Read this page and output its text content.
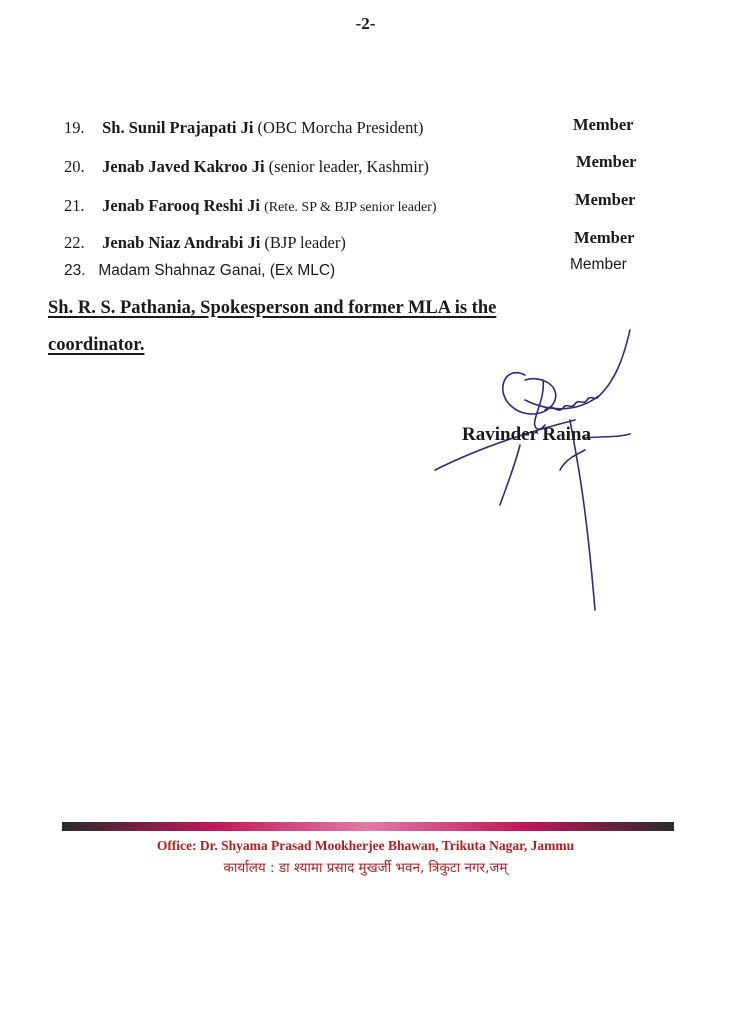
-2-
19. Sh. Sunil Prajapati Ji (OBC Morcha President)	Member
20. Jenab Javed Kakroo Ji (senior leader, Kashmir)	Member
21. Jenab Farooq Reshi Ji (Rete. SP & BJP senior leader)	Member
22. Jenab Niaz Andrabi Ji (BJP leader)	Member
23. Madam Shahnaz Ganai, (Ex MLC)	Member
Sh. R. S. Pathania, Spokesperson and former MLA is the
coordinator.
Ravinder Raina
Office: Dr. Shyama Prasad Mookherjee Bhawan, Trikuta Nagar, Jammu
कार्यालय : डा श्यामा प्रसाद मुखर्जी भवन, त्रिकुटा नगर,जम्
